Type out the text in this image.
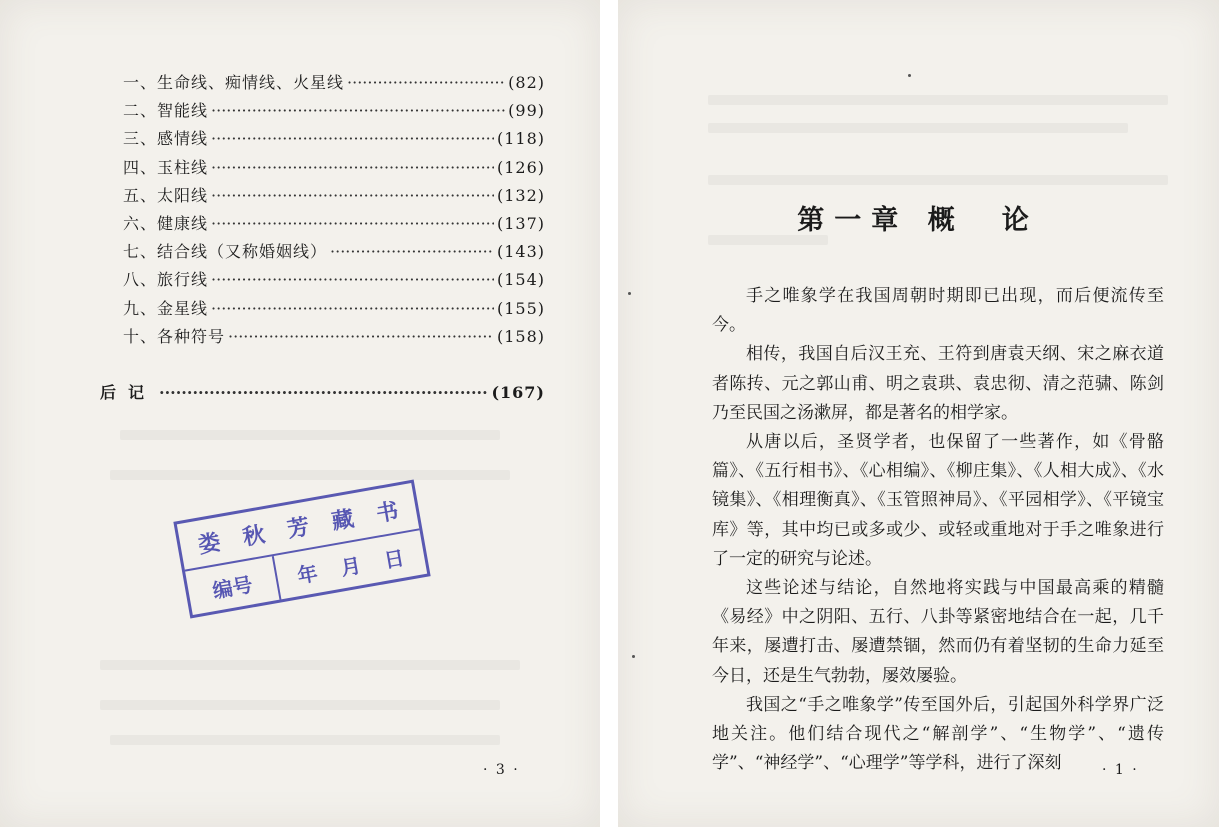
一 、 生命线、痴情线、火星线 ·····	(82)
二 、 智能线 ·····	(99)
三 、 感情线 ·····	(118)
四 、 玉柱线 ·····	(126)
五 、 太阳线 ·····	(132)
六 、 健康线 ·····	(137)
七 、 结合线（又称婚姻线） ·····	(143)
八 、 旅行线 ·····	(154)
九 、 金星线 ·····	(155)
十 、 各种符号 ·····	(158)
后记 ·····	(167)
娄 秋 芳 藏 书
编号	年 月 日
· 3 ·
第一章 概　论

手之唯象学在我国周朝时期即已出现，而后便流传至今。

相传，我国自后汉王充、王符到唐袁天纲、宋之麻衣道者陈抟、元之郭山甫、明之袁珙、袁忠彻、清之范骕、陈剑乃至民国之汤漱屏，都是著名的相学家。

从唐以后，圣贤学者，也保留了一些著作，如《骨骼篇》、《五行相书》、《心相编》、《柳庄集》、《人相大成》、《水镜集》、《相理衡真》、《玉管照神局》、《平园相学》、《平镜宝库》等，其中均已或多或少、或轻或重地对于手之唯象进行了一定的研究与论述。

这些论述与结论，自然地将实践与中国最高乘的精髓《易经》中之阴阳、五行、八卦等紧密地结合在一起，几千年来，屡遭打击、屡遭禁锢，然而仍有着坚韧的生命力延至今日，还是生气勃勃，屡效屡验。

我国之“手之唯象学”传至国外后，引起国外科学界广泛地关注。他们结合现代之“解剖学”、“生物学”、“遗传学”、“神经学”、“心理学”等学科，进行了深刻	· 1 ·
